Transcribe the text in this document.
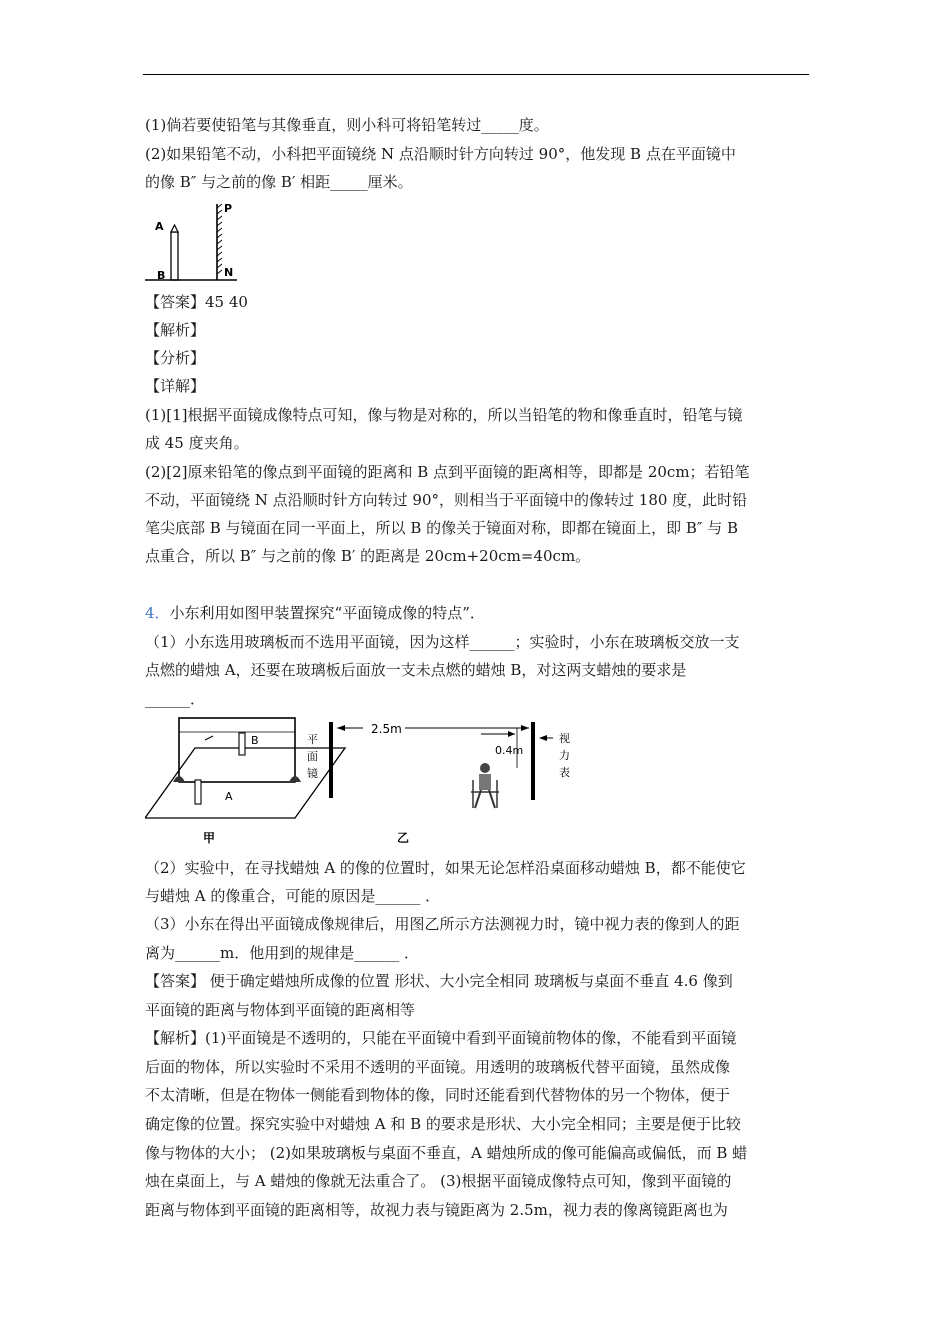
(1)倘若要使铅笔与其像垂直，则小科可将铅笔转过_____度。
(2)如果铅笔不动，小科把平面镜绕 N 点沿顺时针方向转过 90°，他发现 B 点在平面镜中
的像 B″ 与之前的像 B′ 相距_____厘米。
A
B
P
N
【答案】45 40
【解析】
【分析】
【详解】
(1)[1]根据平面镜成像特点可知，像与物是对称的，所以当铅笔的物和像垂直时，铅笔与镜
成 45 度夹角。
(2)[2]原来铅笔的像点到平面镜的距离和 B 点到平面镜的距离相等，即都是 20cm；若铅笔
不动，平面镜绕 N 点沿顺时针方向转过 90°，则相当于平面镜中的像转过 180 度，此时铅
笔尖底部 B 与镜面在同一平面上，所以 B 的像关于镜面对称，即都在镜面上，即 B″ 与 B
点重合，所以 B″ 与之前的像 B′ 的距离是 20cm+20cm=40cm。
4．小东利用如图甲装置探究“平面镜成像的特点”．
（1）小东选用玻璃板而不选用平面镜，因为这样______；实验时，小东在玻璃板交放一支
点燃的蜡烛 A，还要在玻璃板后面放一支未点燃的蜡烛 B，对这两支蜡烛的要求是
______．
B
A
甲
平
面
镜
2.5m
0.4m
视
力
表
乙
（2）实验中，在寻找蜡烛 A 的像的位置时，如果无论怎样沿桌面移动蜡烛 B，都不能使它
与蜡烛 A 的像重合，可能的原因是______ ．
（3）小东在得出平面镜成像规律后，用图乙所示方法测视力时，镜中视力表的像到人的距
离为______m．他用到的规律是______ ．
【答案】 便于确定蜡烛所成像的位置 形状、大小完全相同 玻璃板与桌面不垂直 4.6 像到
平面镜的距离与物体到平面镜的距离相等
【解析】(1)平面镜是不透明的，只能在平面镜中看到平面镜前物体的像，不能看到平面镜
后面的物体，所以实验时不采用不透明的平面镜。用透明的玻璃板代替平面镜，虽然成像
不太清晰，但是在物体一侧能看到物体的像，同时还能看到代替物体的另一个物体，便于
确定像的位置。探究实验中对蜡烛 A 和 B 的要求是形状、大小完全相同；主要是便于比较
像与物体的大小； (2)如果玻璃板与桌面不垂直，A 蜡烛所成的像可能偏高或偏低，而 B 蜡
烛在桌面上，与 A 蜡烛的像就无法重合了。 (3)根据平面镜成像特点可知，像到平面镜的
距离与物体到平面镜的距离相等，故视力表与镜距离为 2.5m，视力表的像离镜距离也为
